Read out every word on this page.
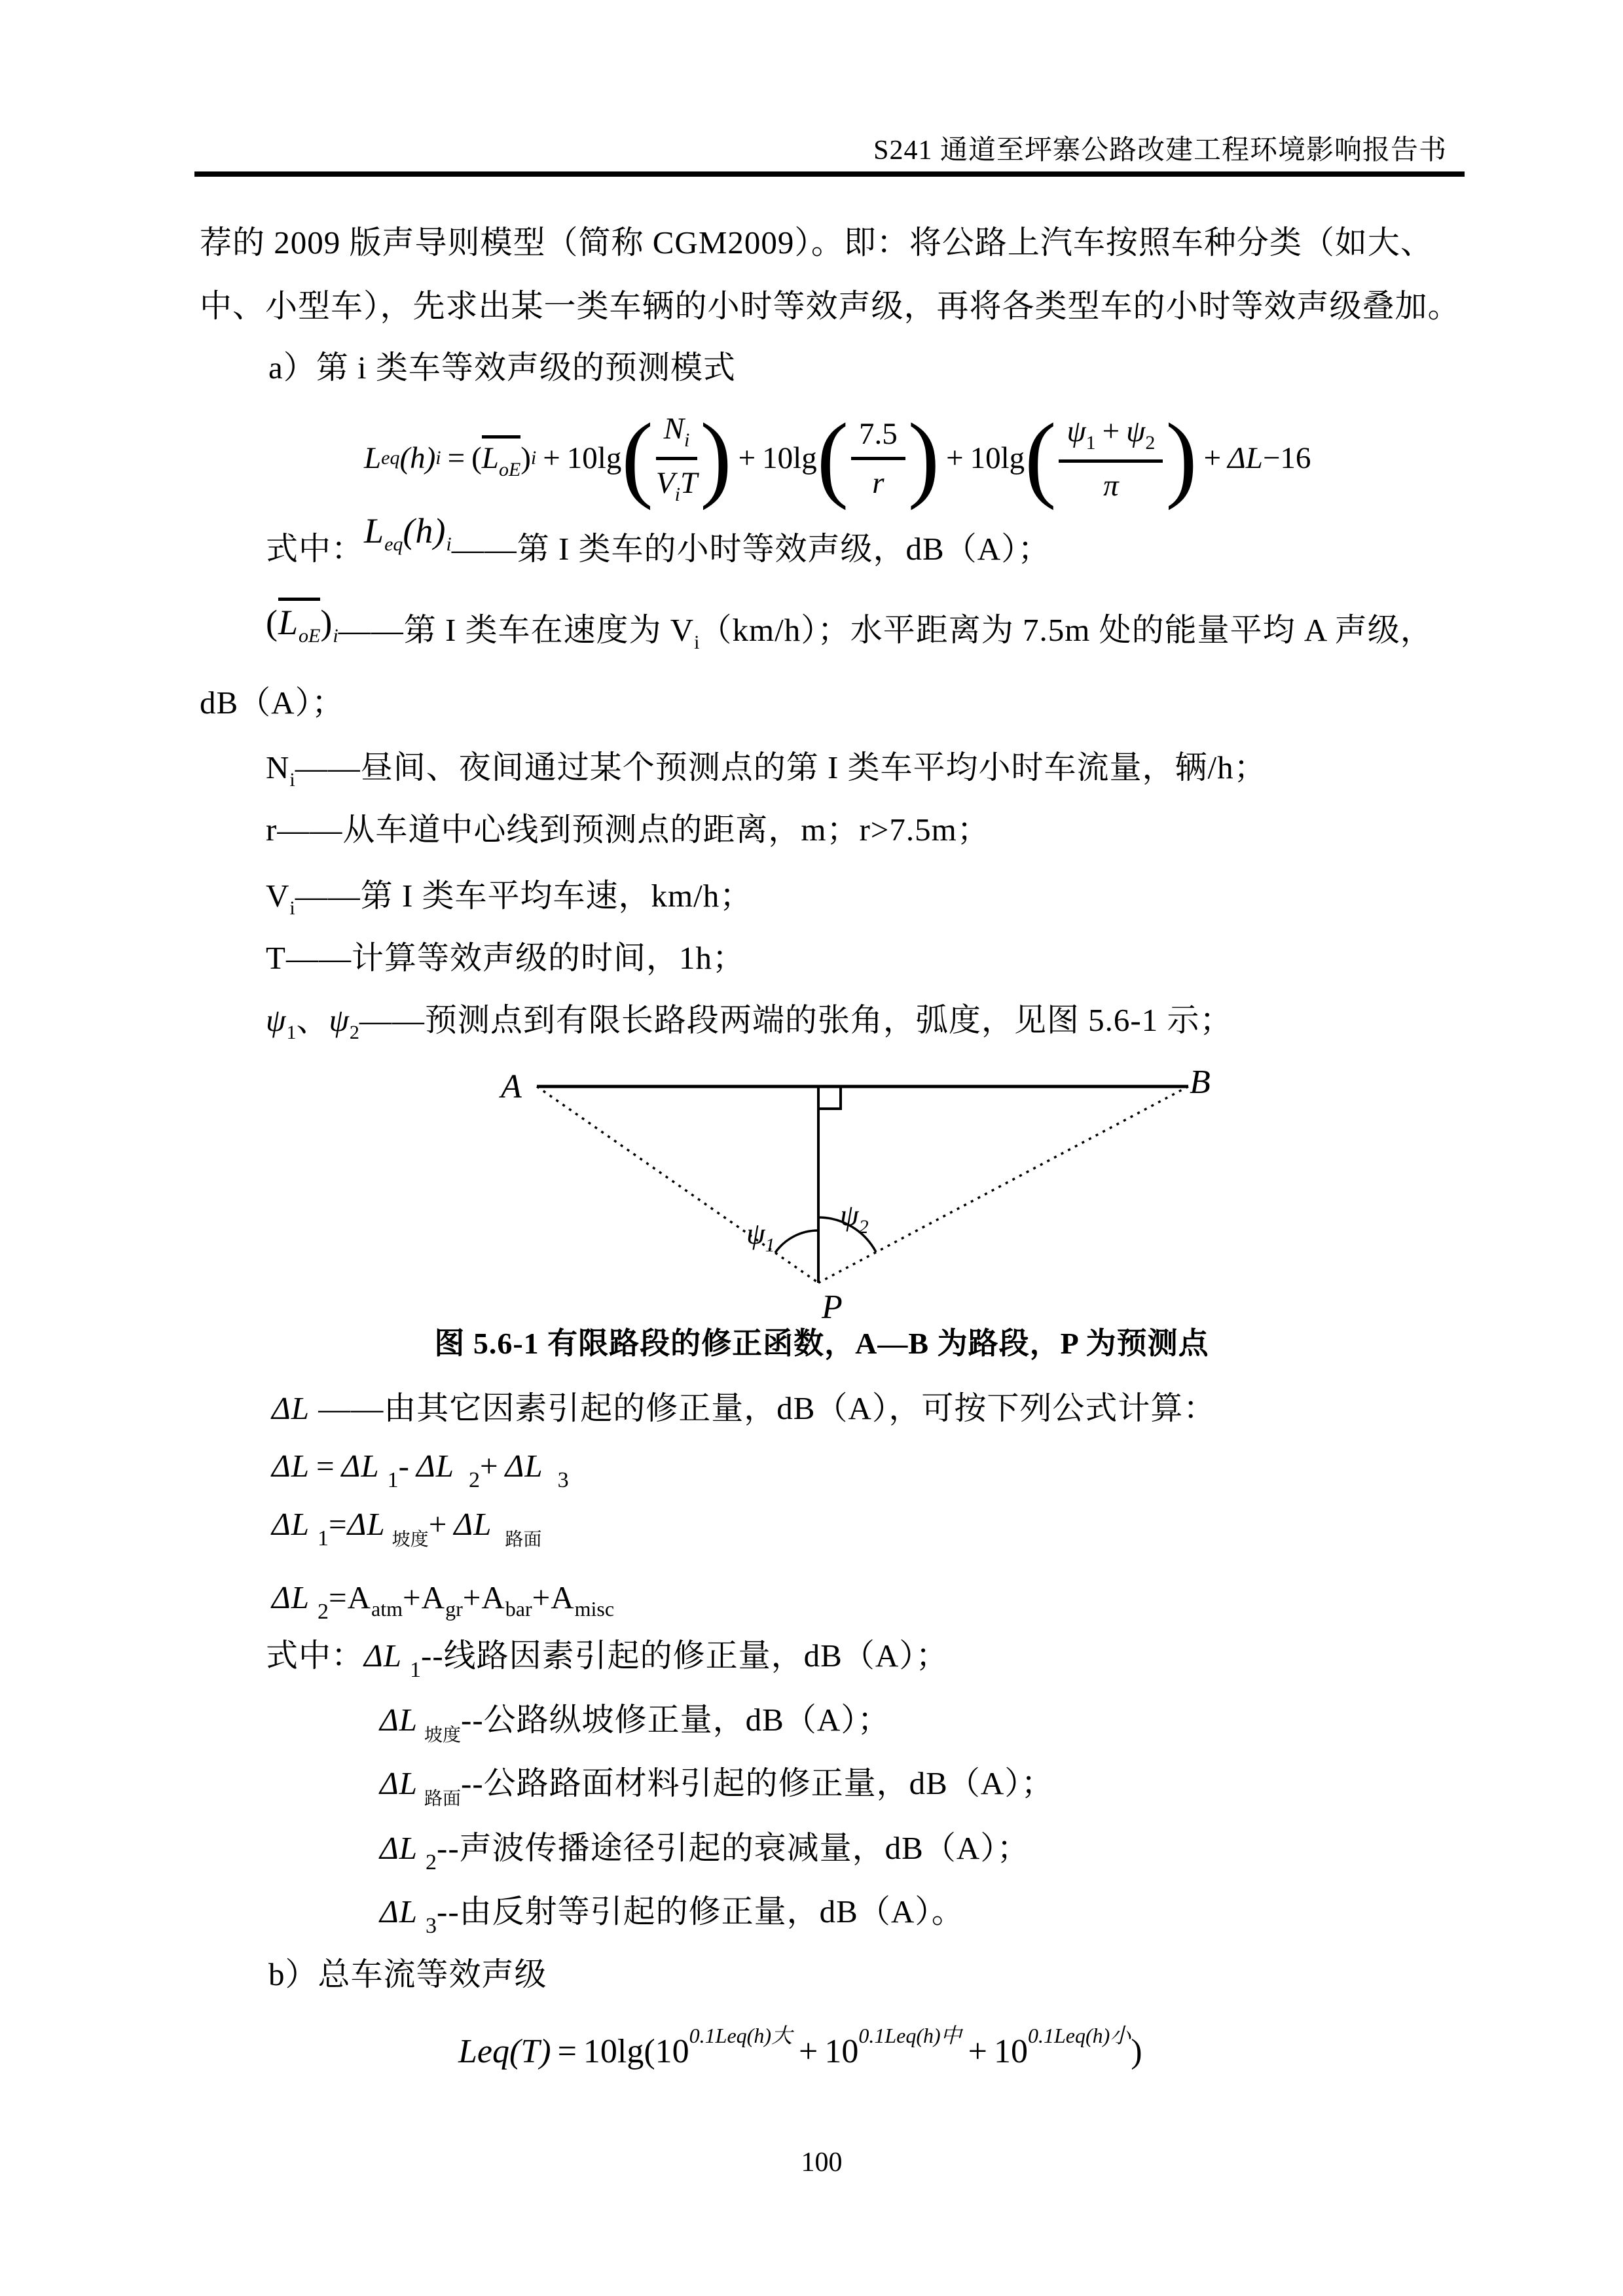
S241 通道至坪寨公路改建工程环境影响报告书
荐的 2009 版声导则模型（简称 CGM2009）。即：将公路上汽车按照车种分类（如大、
中、小型车），先求出某一类车辆的小时等效声级，再将各类型车的小时等效声级叠加。
a）第 i 类车等效声级的预测模式
L eq (h) i = ( $L_{oE}$ ) i + 10lg ( $\frac{N_i}{V_iT}$ ) + 10lg ( $\frac{7.5}{r}$ ) + 10lg ( $\frac{\psi_1 + \psi_2}{\pi}$ ) + ΔL − 16
式中：$L_{eq}(h)_i——$第 I 类车的小时等效声级，dB（A）；
$(L_{oE})_i——$第 I 类车在速度为 $V_i(km/h)$；水平距离为 7.5m 处的能量平均 A 声级，
dB（A）；
$N_i——$昼间、夜间通过某个预测点的第 I 类车平均小时车流量，辆/h；
r——从车道中心线到预测点的距离，m；r>7.5m；
$V_i——$第 I 类车平均车速，km/h；
T——计算等效声级的时间，1h；
$\psi_1$、$\psi_2——$预测点到有限长路段两端的张角，弧度，见图 5.6-1 示；
A	B
P
$\psi_1$
$\psi_2$
图 5.6-1 有限路段的修正函数，A—B 为路段，P 为预测点
ΔL ——由其它因素引起的修正量，dB（A），可按下列公式计算：
ΔL = ΔL $_1$- ΔL $_2$+ ΔL $_3$
ΔL $_1$=ΔL $_{坡度}$+ ΔL $_{路面}$
ΔL $_2=A_{atm}+A_{gr}+A_{bar}+A_{misc}$
式中：ΔL $_1$--线路因素引起的修正量，dB（A）；
ΔL $_{坡度}$--公路纵坡修正量，dB（A）；
ΔL $_{路面}$--公路路面材料引起的修正量，dB（A）；
ΔL $_2$--声波传播途径引起的衰减量，dB（A）；
ΔL $_3$--由反射等引起的修正量，dB（A）。
b）总车流等效声级
$Leq(T) = 10\lg(10^{0.1Leq(h)大} + 10^{0.1Leq(h)中} + 10^{0.1Leq(h)小})$
100
